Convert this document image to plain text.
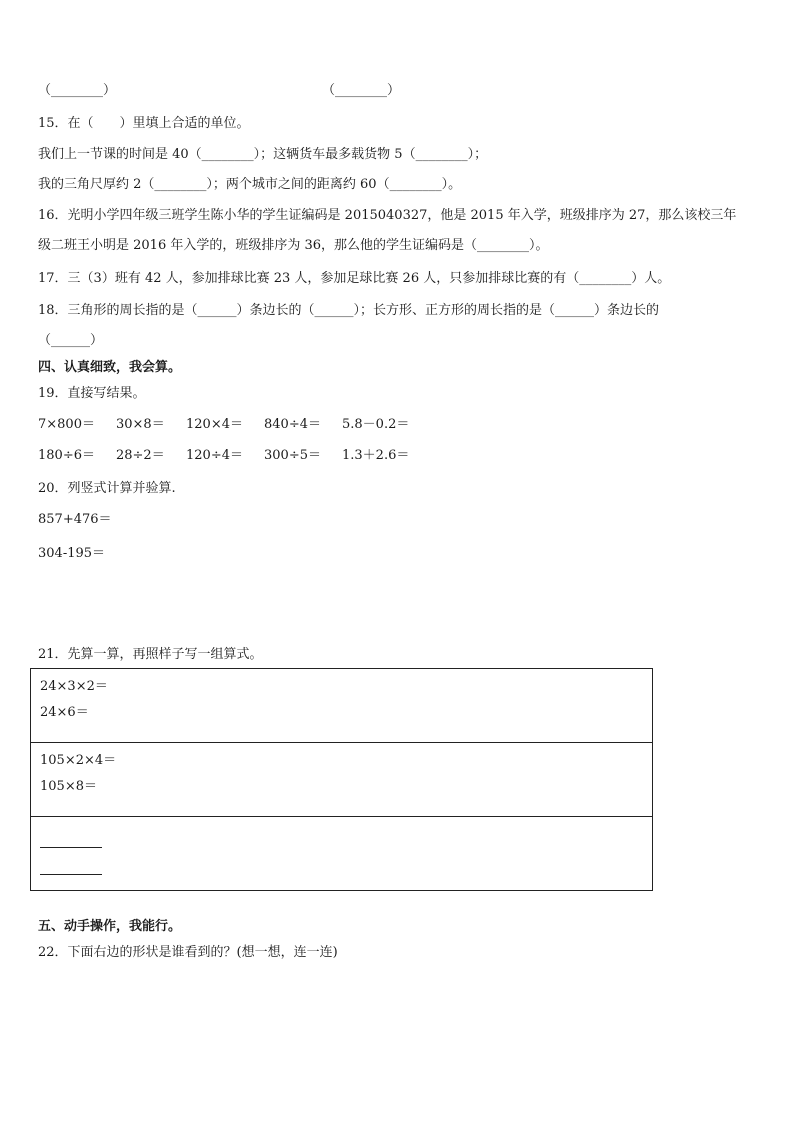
（________）	（________）
15．在（　　）里填上合适的单位。
我们上一节课的时间是 40（________）；这辆货车最多载货物 5（________）；
我的三角尺厚约 2（________）；两个城市之间的距离约 60（________）。
16．光明小学四年级三班学生陈小华的学生证编码是 2015040327，他是 2015 年入学，班级排序为 27，那么该校三年
级二班王小明是 2016 年入学的，班级排序为 36，那么他的学生证编码是（________）。
17．三（3）班有 42 人，参加排球比赛 23 人，参加足球比赛 26 人，只参加排球比赛的有（________）人。
18．三角形的周长指的是（______）条边长的（______）；长方形、正方形的周长指的是（______）条边长的
（______）
四、认真细致，我会算。
19．直接写结果。
7×800＝ 30×8＝ 120×4＝ 840÷4＝ 5.8－0.2＝
180÷6＝ 28÷2＝ 120÷4＝ 300÷5＝ 1.3＋2.6＝
20．列竖式计算并验算.
857+476＝
304-195＝
21．先算一算，再照样子写一组算式。
24×3×2＝
24×6＝

105×2×4＝
105×8＝

五、动手操作，我能行。
22．下面右边的形状是谁看到的？(想一想，连一连)
